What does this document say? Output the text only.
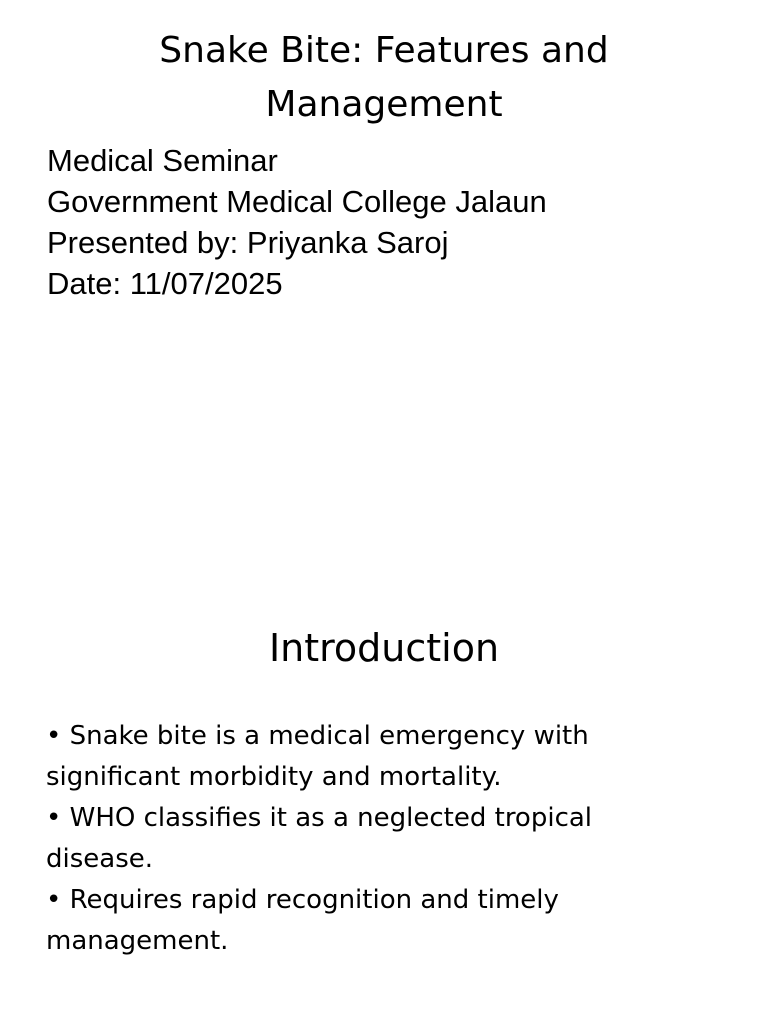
Snake Bite: Features and Management
Medical Seminar
Government Medical College Jalaun
Presented by: Priyanka Saroj
Date: 11/07/2025
Introduction
• Snake bite is a medical emergency with significant morbidity and mortality.
• WHO classifies it as a neglected tropical disease.
• Requires rapid recognition and timely management.
